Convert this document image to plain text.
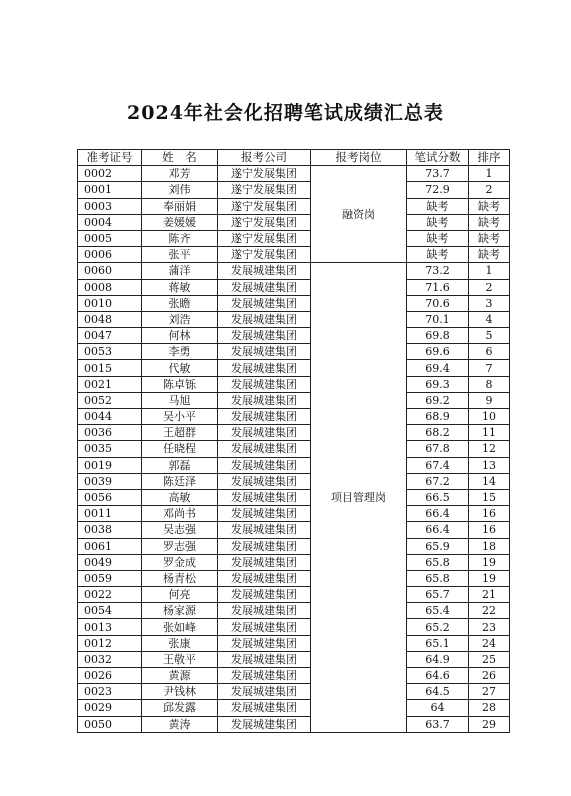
2024年社会化招聘笔试成绩汇总表
准考证号	姓　名	报考公司	报考岗位	笔试分数	排序
0002	邓芳	遂宁发展集团	融资岗	73.7	1
0001	刘伟	遂宁发展集团		72.9	2
0003	奉丽娟	遂宁发展集团		缺考	缺考
0004	姜媛媛	遂宁发展集团		缺考	缺考
0005	陈齐	遂宁发展集团		缺考	缺考
0006	张平	遂宁发展集团		缺考	缺考
0060	蒲洋	发展城建集团	项目管理岗	73.2	1
0008	蒋敏	发展城建集团		71.6	2
0010	张瞻	发展城建集团		70.6	3
0048	刘浩	发展城建集团		70.1	4
0047	何林	发展城建集团		69.8	5
0053	李勇	发展城建集团		69.6	6
0015	代敏	发展城建集团		69.4	7
0021	陈卓铄	发展城建集团		69.3	8
0052	马旭	发展城建集团		69.2	9
0044	吴小平	发展城建集团		68.9	10
0036	王超群	发展城建集团		68.2	11
0035	任晓程	发展城建集团		67.8	12
0019	郭磊	发展城建集团		67.4	13
0039	陈廷泽	发展城建集团		67.2	14
0056	高敏	发展城建集团		66.5	15
0011	邓尚书	发展城建集团		66.4	16
0038	吴志强	发展城建集团		66.4	16
0061	罗志强	发展城建集团		65.9	18
0049	罗金成	发展城建集团		65.8	19
0059	杨青松	发展城建集团		65.8	19
0022	何亮	发展城建集团		65.7	21
0054	杨家源	发展城建集团		65.4	22
0013	张如峰	发展城建集团		65.2	23
0012	张康	发展城建集团		65.1	24
0032	王敬平	发展城建集团		64.9	25
0026	黄源	发展城建集团		64.6	26
0023	尹钱林	发展城建集团		64.5	27
0029	邱发露	发展城建集团		64	28
0050	黄涛	发展城建集团		63.7	29
